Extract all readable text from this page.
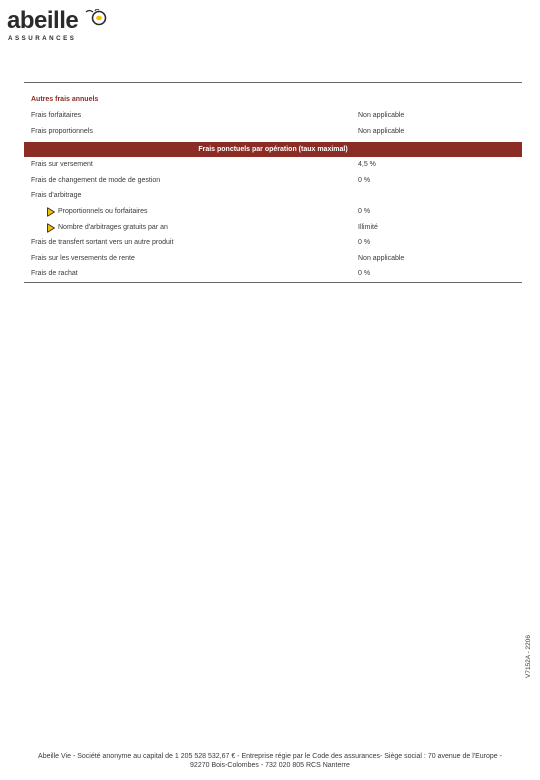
abeille
ASSURANCES
Autres frais annuels
Frais forfaitaires	Non applicable
Frais proportionnels	Non applicable
Frais ponctuels par opération (taux maximal)
Frais sur versement	4,5 %
Frais de changement de mode de gestion	0 %
Frais d'arbitrage
Proportionnels ou forfaitaires	0 %
Nombre d'arbitrages gratuits par an	Illimité
Frais de transfert sortant vers un autre produit	0 %
Frais sur les versements de rente	Non applicable
Frais de rachat	0 %
V7152A - 2206
Abeille Vie - Société anonyme au capital de 1 205 528 532,67 € - Entreprise régie par le Code des assurances- Siège social : 70 avenue de l'Europe -
92270 Bois-Colombes - 732 020 805 RCS Nanterre
